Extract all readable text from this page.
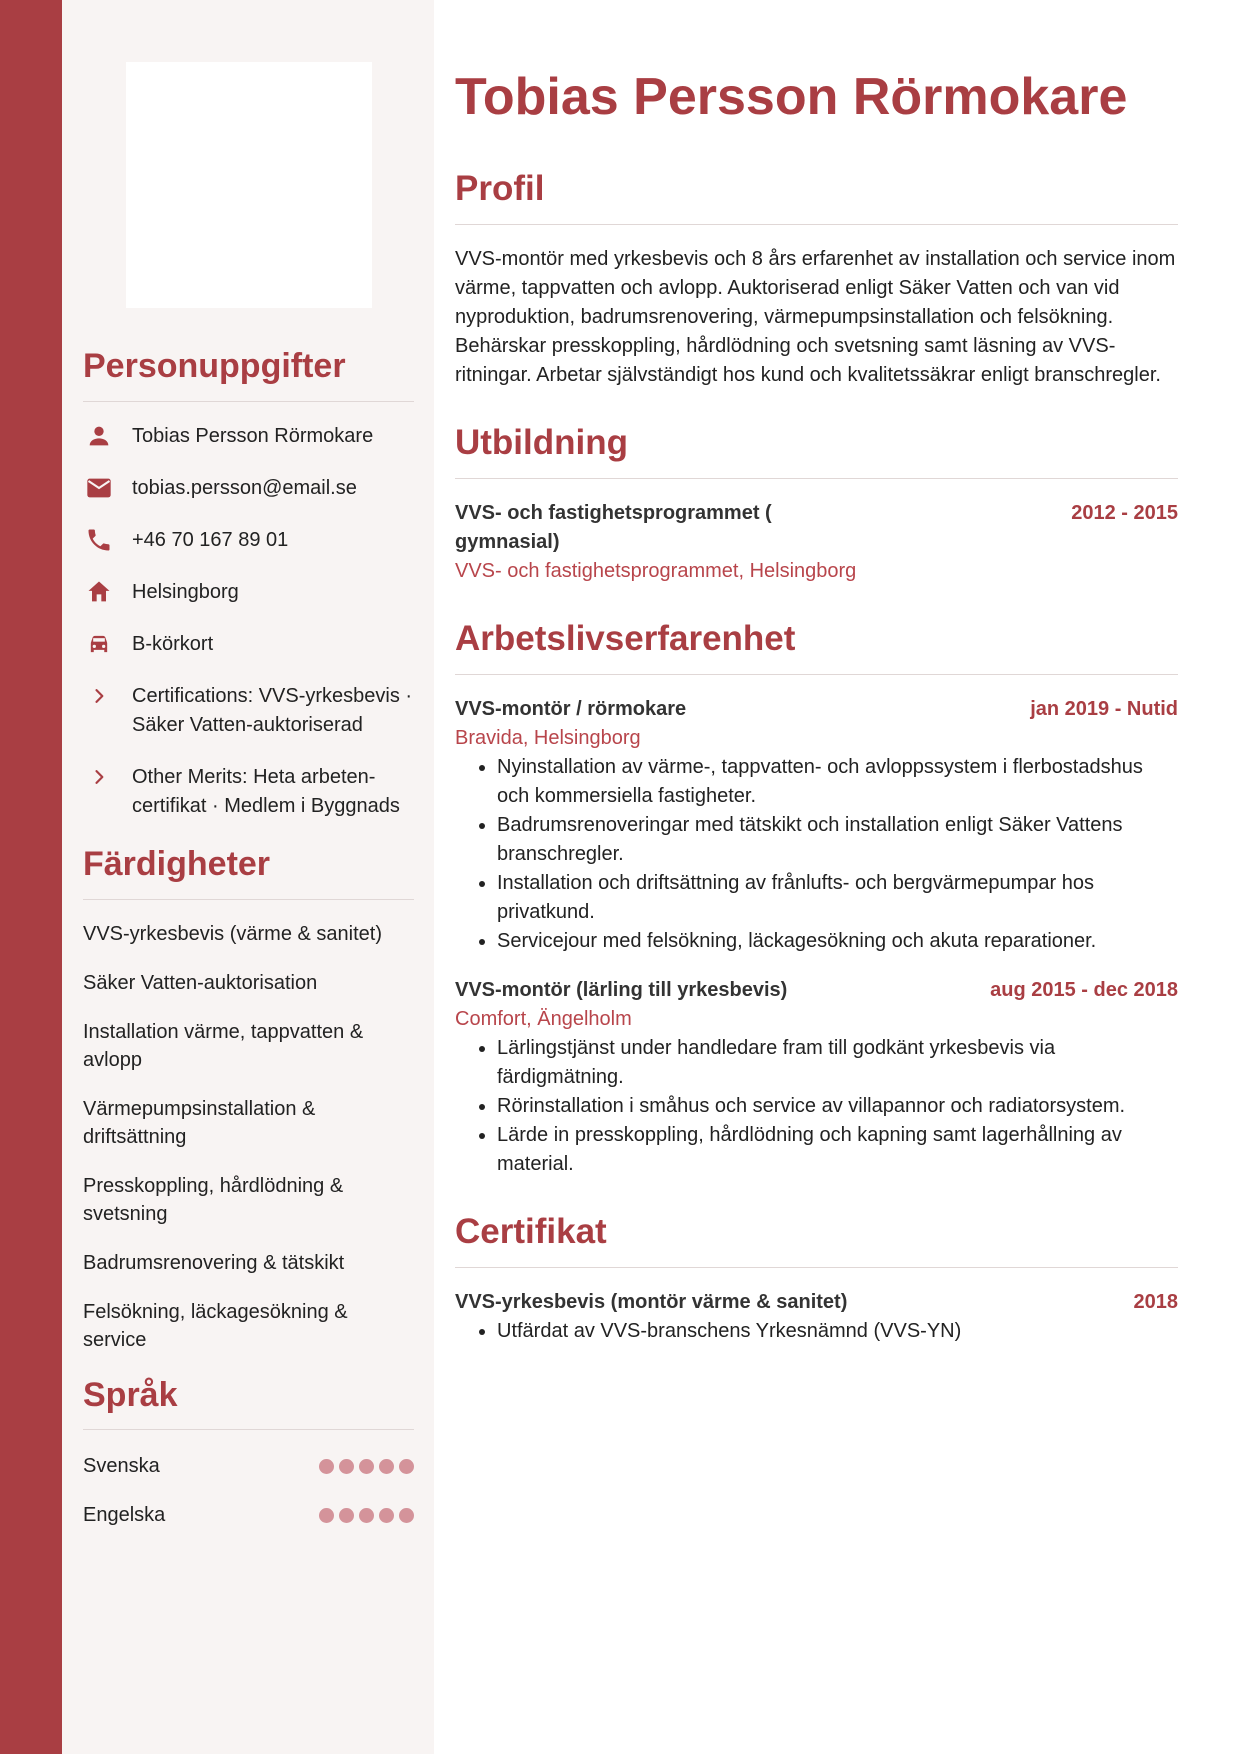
Personuppgifter
Tobias Persson Rörmokare
tobias.persson@email.se
+46 70 167 89 01
Helsingborg
B-körkort
Certifications: VVS-yrkesbevis · Säker Vatten-auktoriserad
Other Merits: Heta arbeten-certifikat · Medlem i Byggnads
Färdigheter
VVS-yrkesbevis (värme & sanitet)
Säker Vatten-auktorisation
Installation värme, tappvatten & avlopp
Värmepumpsinstallation & driftsättning
Presskoppling, hårdlödning & svetsning
Badrumsrenovering & tätskikt
Felsökning, läckagesökning & service
Språk
Svenska
Engelska
Tobias Persson Rörmokare
Profil

VVS-montör med yrkesbevis och 8 års erfarenhet av installation och service inom värme, tappvatten och avlopp. Auktoriserad enligt Säker Vatten och van vid nyproduktion, badrumsrenovering, värmepumpsinstallation och felsökning. Behärskar presskoppling, hårdlödning och svetsning samt läsning av VVS-ritningar. Arbetar självständigt hos kund och kvalitetssäkrar enligt branschregler.

Utbildning
VVS- och fastighetsprogrammet ( gymnasial)
2012 - 2015
VVS- och fastighetsprogrammet, Helsingborg
Arbetslivserfarenhet
VVS-montör / rörmokare	jan 2019 - Nutid
Bravida, Helsingborg
• Nyinstallation av värme-, tappvatten- och avloppssystem i flerbostadshus och kommersiella fastigheter.
• Badrumsrenoveringar med tätskikt och installation enligt Säker Vattens branschregler.
• Installation och driftsättning av frånlufts- och bergvärmepumpar hos privatkund.
• Servicejour med felsökning, läckagesökning och akuta reparationer.
VVS-montör (lärling till yrkesbevis)	aug 2015 - dec 2018
Comfort, Ängelholm
• Lärlingstjänst under handledare fram till godkänt yrkesbevis via färdigmätning.
• Rörinstallation i småhus och service av villapannor och radiatorsystem.
• Lärde in presskoppling, hårdlödning och kapning samt lagerhållning av material.
Certifikat
VVS-yrkesbevis (montör värme & sanitet)	2018
• Utfärdat av VVS-branschens Yrkesnämnd (VVS-YN)
